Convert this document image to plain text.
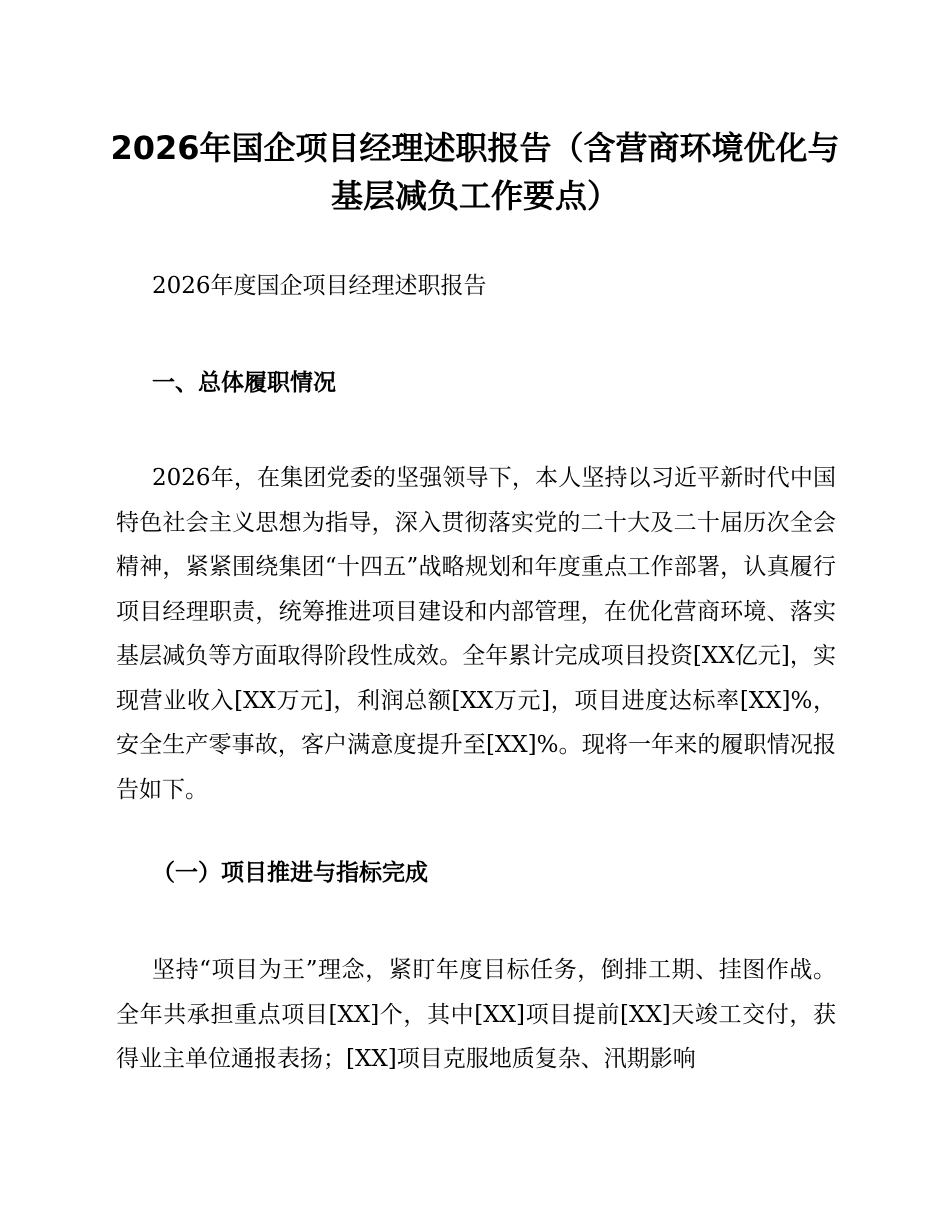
2026年国企项目经理述职报告（含营商环境优化与基层减负工作要点）

2026年度国企项目经理述职报告

一、总体履职情况

2026年，在集团党委的坚强领导下，本人坚持以习近平新时代中国特色社会主义思想为指导，深入贯彻落实党的二十大及二十届历次全会精神，紧紧围绕集团“十四五”战略规划和年度重点工作部署，认真履行项目经理职责，统筹推进项目建设和内部管理，在优化营商环境、落实基层减负等方面取得阶段性成效。全年累计完成项目投资[XX亿元]，实现营业收入[XX万元]，利润总额[XX万元]，项目进度达标率[XX]%，安全生产零事故，客户满意度提升至[XX]%。现将一年来的履职情况报告如下。

（一）项目推进与指标完成

坚持“项目为王”理念，紧盯年度目标任务，倒排工期、挂图作战。全年共承担重点项目[XX]个，其中[XX]项目提前[XX]天竣工交付，获得业主单位通报表扬；[XX]项目克服地质复杂、汛期影响
